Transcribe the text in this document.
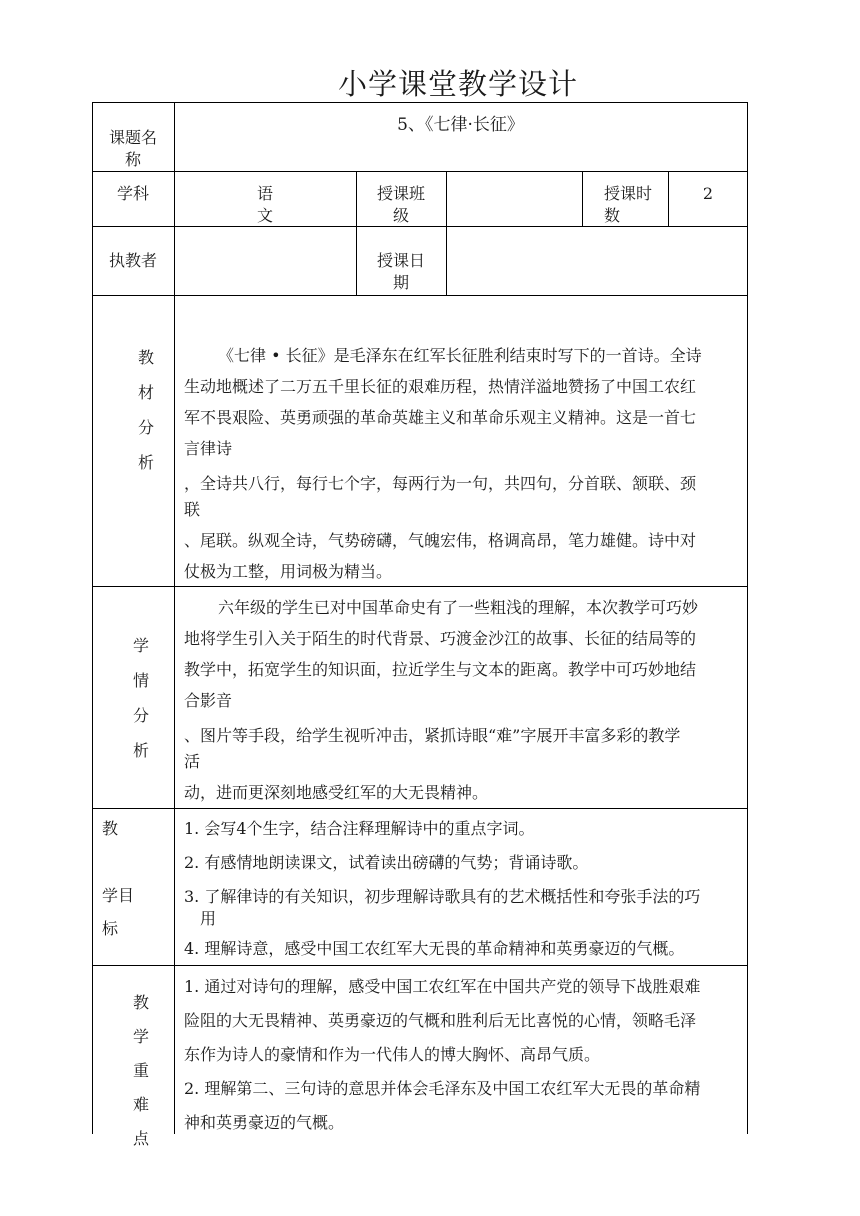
小学课堂教学设计
课题名
称
5、《七律·长征》
学科	语
文
授课班
级
授课时
数
2
执教者	授课日
期
教
材
分
析

《七律 • 长征》是毛泽东在红军长征胜利结束时写下的一首诗。全诗

生动地概述了二万五千里长征的艰难历程，热情洋溢地赞扬了中国工农红

军不畏艰险、英勇顽强的革命英雄主义和革命乐观主义精神。这是一首七

言律诗

，全诗共八行，每行七个字，每两行为一句，共四句，分首联、颔联、颈

联

、尾联。纵观全诗，气势磅礴，气魄宏伟，格调高昂，笔力雄健。诗中对

仗极为工整，用词极为精当。

学
情
分
析

六年级的学生已对中国革命史有了一些粗浅的理解，本次教学可巧妙

地将学生引入关于陌生的时代背景、巧渡金沙江的故事、长征的结局等的

教学中，拓宽学生的知识面，拉近学生与文本的距离。教学中可巧妙地结

合影音

、图片等手段，给学生视听冲击，紧抓诗眼“难”字展开丰富多彩的教学

活

动，进而更深刻地感受红军的大无畏精神。

教
学目
标

1. 会写4个生字，结合注释理解诗中的重点字词。

2. 有感情地朗读课文，试着读出磅礴的气势；背诵诗歌。

3. 了解律诗的有关知识，初步理解诗歌具有的艺术概括性和夸张手法的巧

用

4. 理解诗意，感受中国工农红军大无畏的革命精神和英勇豪迈的气概。

教
学
重
难
点

1. 通过对诗句的理解，感受中国工农红军在中国共产党的领导下战胜艰难

险阻的大无畏精神、英勇豪迈的气概和胜利后无比喜悦的心情，领略毛泽

东作为诗人的豪情和作为一代伟人的博大胸怀、高昂气质。

2. 理解第二、三句诗的意思并体会毛泽东及中国工农红军大无畏的革命精

神和英勇豪迈的气概。
